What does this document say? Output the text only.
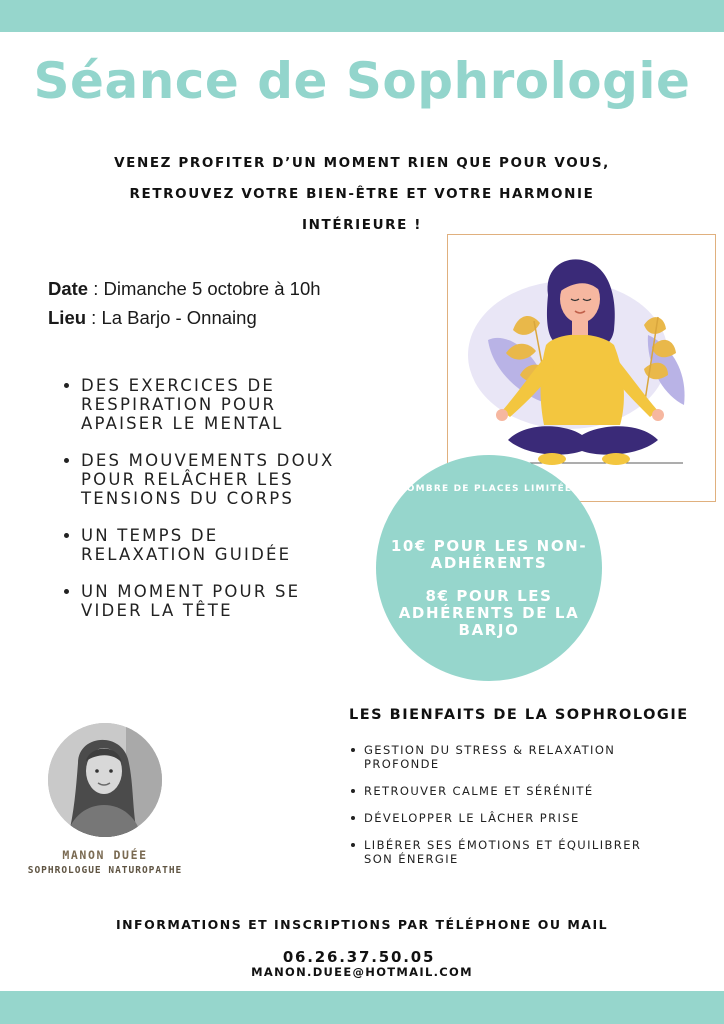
Séance de Sophrologie

VENEZ PROFITER D’UN MOMENT RIEN QUE POUR VOUS,
RETROUVEZ VOTRE BIEN-ÊTRE ET VOTRE HARMONIE
INTÉRIEURE !

Date : Dimanche 5 octobre à 10h
Lieu : La Barjo - Onnaing
DES EXERCICES DE RESPIRATION POUR APAISER LE MENTAL
DES MOUVEMENTS DOUX POUR RELÂCHER LES TENSIONS DU CORPS
UN TEMPS DE RELAXATION GUIDÉE
UN MOMENT POUR SE VIDER LA TÊTE
NOMBRE DE PLACES LIMITÉES
10€ POUR LES NON-ADHÉRENTS
8€ POUR LES ADHÉRENTS DE LA BARJO
MANON DUÉE
SOPHROLOGUE NATUROPATHE
LES BIENFAITS DE LA SOPHROLOGIE
GESTION DU STRESS & RELAXATION PROFONDE
RETROUVER CALME ET SÉRÉNITÉ
DÉVELOPPER LE LÂCHER PRISE
LIBÉRER SES ÉMOTIONS ET ÉQUILIBRER SON ÉNERGIE
INFORMATIONS ET INSCRIPTIONS PAR TÉLÉPHONE OU MAIL
06.26.37.50.05
MANON.DUEE@HOTMAIL.COM
